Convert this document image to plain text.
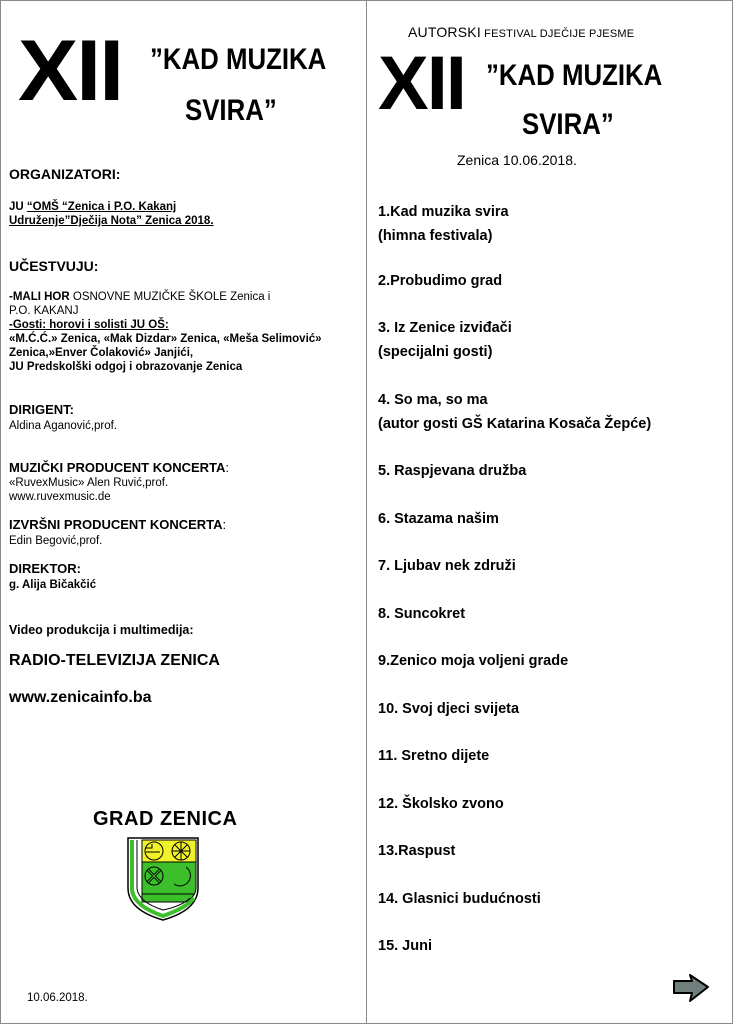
XII ”KAD MUZIKA
SVIRA”
ORGANIZATORI:
JU “OMŠ “Zenica i P.O. Kakanj
Udruženje”Dječija Nota” Zenica 2018.
UČESTVUJU:
-MALI HOR OSNOVNE MUZIČKE ŠKOLE Zenica i
P.O. KAKANJ
-Gosti: horovi i solisti JU OŠ:
«M.Ć.Ć.» Zenica, «Mak Dizdar» Zenica, «Meša Selimović»
Zenica,»Enver Čolaković» Janjići,
JU Predskolški odgoj i obrazovanje Zenica
DIRIGENT:
Aldina Aganović,prof.
MUZIČKI PRODUCENT KONCERTA:
«RuvexMusic» Alen Ruvić,prof.
www.ruvexmusic.de
IZVRŠNI PRODUCENT KONCERTA:
Edin Begović,prof.
DIREKTOR:
g. Alija Bičakčić
Video produkcija i multimedija:
RADIO-TELEVIZIJA ZENICA
www.zenicainfo.ba
GRAD ZENICA
10.06.2018.
AUTORSKI FESTIVAL DJEČIJE PJESME
XII ”KAD MUZIKA
SVIRA”
Zenica 10.06.2018.
1.Kad muzika svira
(himna festivala)
2.Probudimo grad
3. Iz Zenice izviđači
(specijalni gosti)
4. So ma, so ma
(autor gosti GŠ Katarina Kosača Žepće)
5. Raspjevana družba
6. Stazama našim
7. Ljubav nek združi
8. Suncokret
9.Zenico moja voljeni grade
10. Svoj djeci svijeta
11. Sretno dijete
12. Školsko zvono
13.Raspust
14. Glasnici budućnosti
15. Juni
